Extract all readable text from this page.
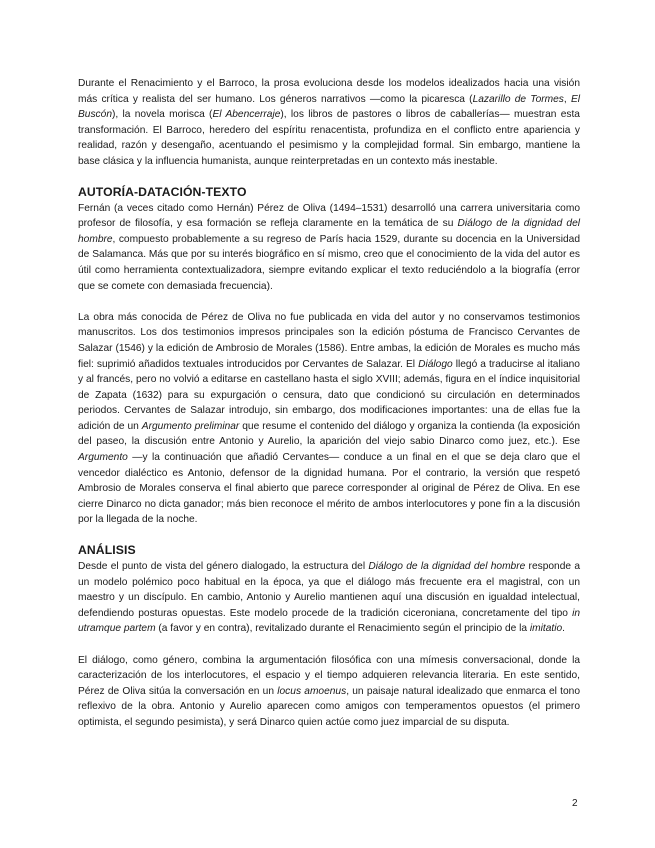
Durante el Renacimiento y el Barroco, la prosa evoluciona desde los modelos idealizados hacia una visión más crítica y realista del ser humano. Los géneros narrativos —como la picaresca (Lazarillo de Tormes, El Buscón), la novela morisca (El Abencerraje), los libros de pastores o libros de caballerías— muestran esta transformación. El Barroco, heredero del espíritu renacentista, profundiza en el conflicto entre apariencia y realidad, razón y desengaño, acentuando el pesimismo y la complejidad formal. Sin embargo, mantiene la base clásica y la influencia humanista, aunque reinterpretadas en un contexto más inestable.

AUTORÍA-DATACIÓN-TEXTO

Fernán (a veces citado como Hernán) Pérez de Oliva (1494–1531) desarrolló una carrera universitaria como profesor de filosofía, y esa formación se refleja claramente en la temática de su Diálogo de la dignidad del hombre, compuesto probablemente a su regreso de París hacia 1529, durante su docencia en la Universidad de Salamanca. Más que por su interés biográfico en sí mismo, creo que el conocimiento de la vida del autor es útil como herramienta contextualizadora, siempre evitando explicar el texto reduciéndolo a la biografía (error que se comete con demasiada frecuencia).

La obra más conocida de Pérez de Oliva no fue publicada en vida del autor y no conservamos testimonios manuscritos. Los dos testimonios impresos principales son la edición póstuma de Francisco Cervantes de Salazar (1546) y la edición de Ambrosio de Morales (1586). Entre ambas, la edición de Morales es mucho más fiel: suprimió añadidos textuales introducidos por Cervantes de Salazar. El Diálogo llegó a traducirse al italiano y al francés, pero no volvió a editarse en castellano hasta el siglo XVIII; además, figura en el índice inquisitorial de Zapata (1632) para su expurgación o censura, dato que condicionó su circulación en determinados periodos. Cervantes de Salazar introdujo, sin embargo, dos modificaciones importantes: una de ellas fue la adición de un Argumento preliminar que resume el contenido del diálogo y organiza la contienda (la exposición del paseo, la discusión entre Antonio y Aurelio, la aparición del viejo sabio Dinarco como juez, etc.). Ese Argumento —y la continuación que añadió Cervantes— conduce a un final en el que se deja claro que el vencedor dialéctico es Antonio, defensor de la dignidad humana. Por el contrario, la versión que respetó Ambrosio de Morales conserva el final abierto que parece corresponder al original de Pérez de Oliva. En ese cierre Dinarco no dicta ganador; más bien reconoce el mérito de ambos interlocutores y pone fin a la discusión por la llegada de la noche.

ANÁLISIS

Desde el punto de vista del género dialogado, la estructura del Diálogo de la dignidad del hombre responde a un modelo polémico poco habitual en la época, ya que el diálogo más frecuente era el magistral, con un maestro y un discípulo. En cambio, Antonio y Aurelio mantienen aquí una discusión en igualdad intelectual, defendiendo posturas opuestas. Este modelo procede de la tradición ciceroniana, concretamente del tipo in utramque partem (a favor y en contra), revitalizado durante el Renacimiento según el principio de la imitatio.

El diálogo, como género, combina la argumentación filosófica con una mímesis conversacional, donde la caracterización de los interlocutores, el espacio y el tiempo adquieren relevancia literaria. En este sentido, Pérez de Oliva sitúa la conversación en un locus amoenus, un paisaje natural idealizado que enmarca el tono reflexivo de la obra. Antonio y Aurelio aparecen como amigos con temperamentos opuestos (el primero optimista, el segundo pesimista), y será Dinarco quien actúe como juez imparcial de su disputa.

2
